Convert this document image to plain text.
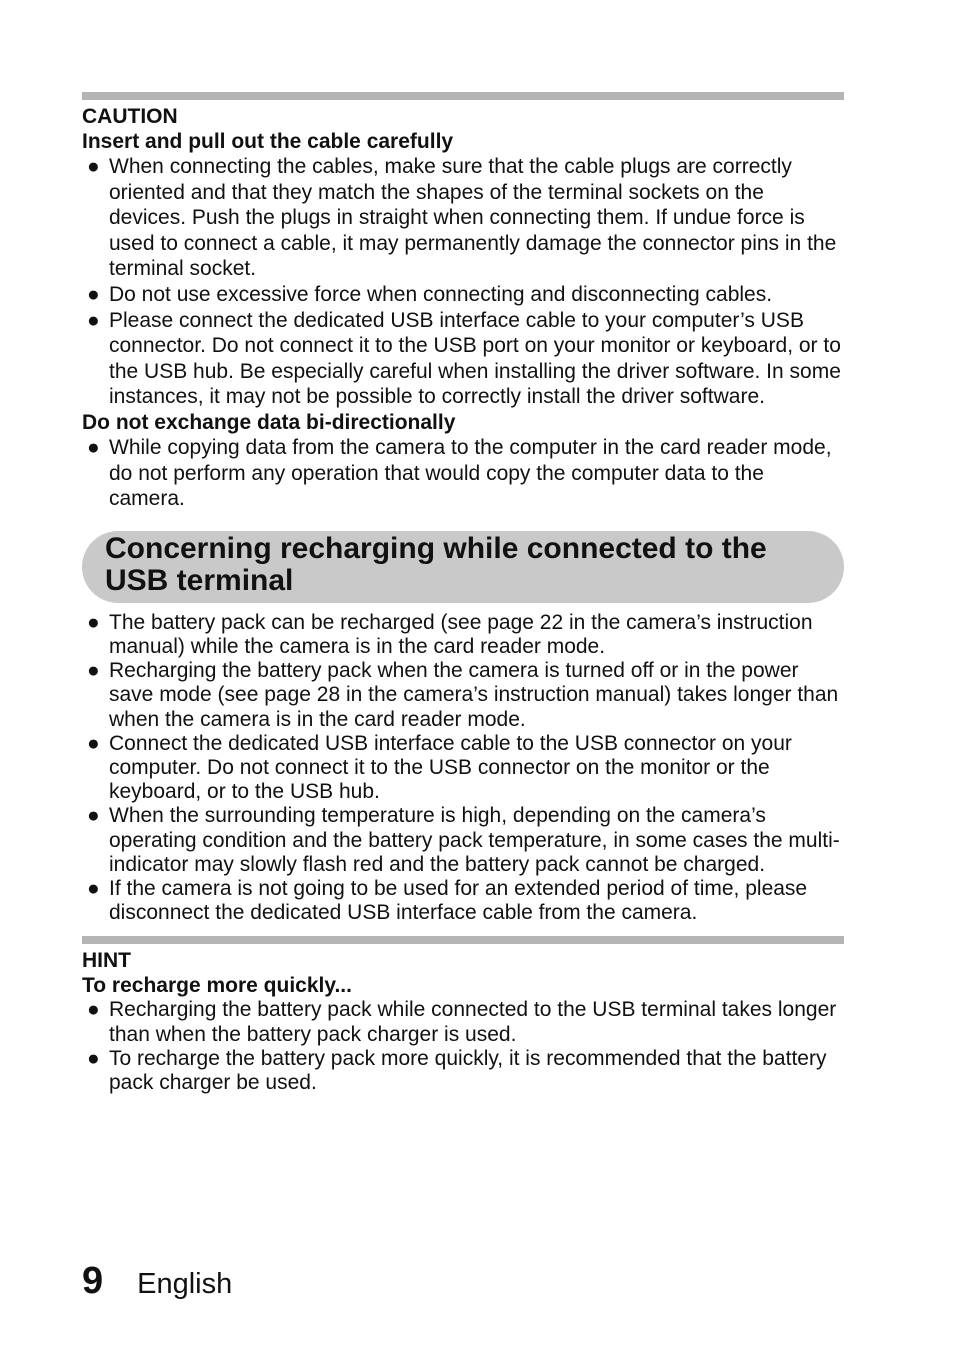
CAUTION
Insert and pull out the cable carefully
● When connecting the cables, make sure that the cable plugs are correctly oriented and that they match the shapes of the terminal sockets on the devices. Push the plugs in straight when connecting them. If undue force is used to connect a cable, it may permanently damage the connector pins in the terminal socket.
● Do not use excessive force when connecting and disconnecting cables.
● Please connect the dedicated USB interface cable to your computer’s USB connector. Do not connect it to the USB port on your monitor or keyboard, or to the USB hub. Be especially careful when installing the driver software. In some instances, it may not be possible to correctly install the driver software.
Do not exchange data bi-directionally
● While copying data from the camera to the computer in the card reader mode, do not perform any operation that would copy the computer data to the camera.
Concerning recharging while connected to the USB terminal
● The battery pack can be recharged (see page 22 in the camera’s instruction manual) while the camera is in the card reader mode.
● Recharging the battery pack when the camera is turned off or in the power save mode (see page 28 in the camera’s instruction manual) takes longer than when the camera is in the card reader mode.
● Connect the dedicated USB interface cable to the USB connector on your computer. Do not connect it to the USB connector on the monitor or the keyboard, or to the USB hub.
● When the surrounding temperature is high, depending on the camera’s operating condition and the battery pack temperature, in some cases the multi-indicator may slowly flash red and the battery pack cannot be charged.
● If the camera is not going to be used for an extended period of time, please disconnect the dedicated USB interface cable from the camera.
HINT
To recharge more quickly...
● Recharging the battery pack while connected to the USB terminal takes longer than when the battery pack charger is used.
● To recharge the battery pack more quickly, it is recommended that the battery pack charger be used.
9 English
